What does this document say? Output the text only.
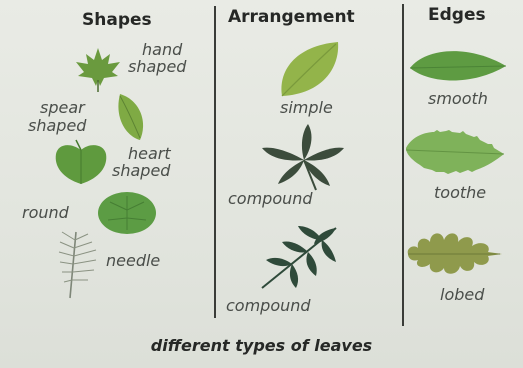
Shapes	Arrangement	Edges
hand
shaped
spear
shaped
heart
shaped
round
needle
simple
compound
compound
smooth
toothe
lobed
different types of leaves
